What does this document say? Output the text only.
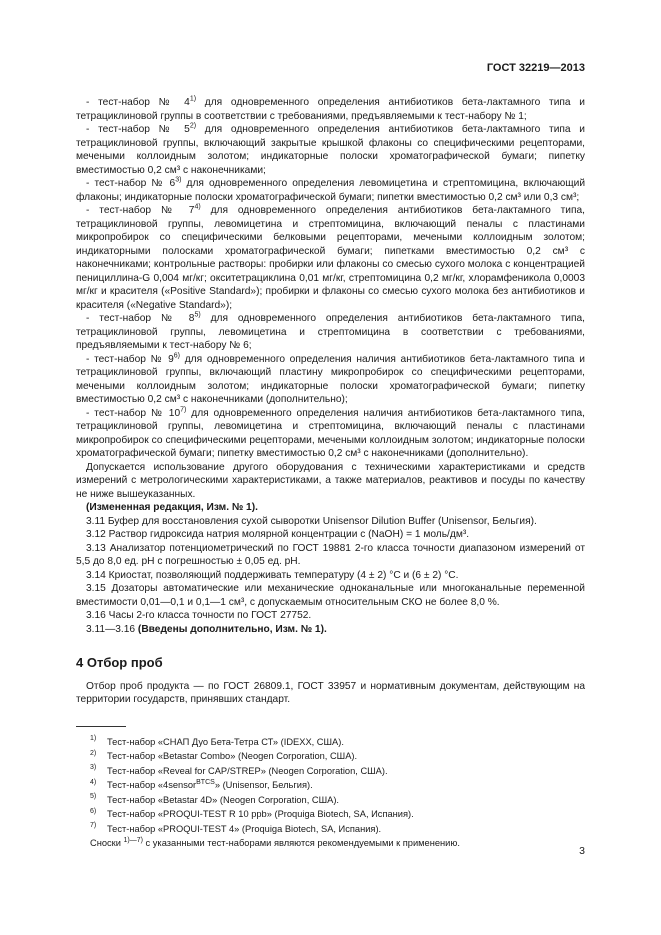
ГОСТ 32219—2013

- тест-набор № 4$^{1)}$ для одновременного определения антибиотиков бета-лактамного типа и тетрациклиновой группы в соответствии с требованиями, предъявляемыми к тест-набору № 1;

- тест-набор № 5$^{2)}$ для одновременного определения антибиотиков бета-лактамного типа и тетрациклиновой группы, включающий закрытые крышкой флаконы со специфическими рецепторами, мечеными коллоидным золотом; индикаторные полоски хроматографической бумаги; пипетку вместимостью 0,2 см³ с наконечниками;

- тест-набор № 6$^{3)}$ для одновременного определения левомицетина и стрептомицина, включающий флаконы; индикаторные полоски хроматографической бумаги; пипетки вместимостью 0,2 см³ или 0,3 см³;

- тест-набор № 7$^{4)}$ для одновременного определения антибиотиков бета-лактамного типа, тетрациклиновой группы, левомицетина и стрептомицина, включающий пеналы с пластинами микропробирок со специфическими белковыми рецепторами, мечеными коллоидным золотом; индикаторными полосками хроматографической бумаги; пипетками вместимостью 0,2 см³ с наконечниками; контрольные растворы: пробирки или флаконы со смесью сухого молока с концентрацией пенициллина-G 0,004 мг/кг; окситетрациклина 0,01 мг/кг, стрептомицина 0,2 мг/кг, хлорамфеникола 0,0003 мг/кг и красителя («Positive Standard»); пробирки и флаконы со смесью сухого молока без антибиотиков и красителя («Negative Standard»);

- тест-набор № 8$^{5)}$ для одновременного определения антибиотиков бета-лактамного типа, тетрациклиновой группы, левомицетина и стрептомицина в соответствии с требованиями, предъявляемыми к тест-набору № 6;

- тест-набор № 9$^{6)}$ для одновременного определения наличия антибиотиков бета-лактамного типа и тетрациклиновой группы, включающий пластину микропробирок со специфическими рецепторами, мечеными коллоидным золотом; индикаторные полоски хроматографической бумаги; пипетку вместимостью 0,2 см³ с наконечниками (дополнительно);

- тест-набор № 10$^{7)}$ для одновременного определения наличия антибиотиков бета-лактамного типа, тетрациклиновой группы, левомицетина и стрептомицина, включающий пеналы с пластинами микропробирок со специфическими рецепторами, мечеными коллоидным золотом; индикаторные полоски хроматографической бумаги; пипетку вместимостью 0,2 см³ с наконечниками (дополнительно).

Допускается использование другого оборудования с техническими характеристиками и средств измерений с метрологическими характеристиками, а также материалов, реактивов и посуды по качеству не ниже вышеуказанных.

(Измененная редакция, Изм. № 1).

3.11 Буфер для восстановления сухой сыворотки Unisensor Dilution Buffer (Unisensor, Бельгия).

3.12 Раствор гидроксида натрия молярной концентрации с (NaOH) = 1 моль/дм³.

3.13 Анализатор потенциометрический по ГОСТ 19881 2-го класса точности диапазоном измерений от 5,5 до 8,0 ед. pH с погрешностью ± 0,05 ед. pH.

3.14 Криостат, позволяющий поддерживать температуру (4 ± 2) °С и (6 ± 2) °С.

3.15 Дозаторы автоматические или механические одноканальные или многоканальные переменной вместимости 0,01—0,1 и 0,1—1 см³, с допускаемым относительным СКО не более 8,0 %.

3.16 Часы 2-го класса точности по ГОСТ 27752.

3.11—3.16 (Введены дополнительно, Изм. № 1).

4 Отбор проб

Отбор проб продукта — по ГОСТ 26809.1, ГОСТ 33957 и нормативным документам, действующим на территории государств, принявших стандарт.

$^{1)}$ Тест-набор «СНАП Дуо Бета-Тетра СТ» (IDEXX, США).
$^{2)}$ Тест-набор «Betastar Combo» (Neogen Corporation, США).
$^{3)}$ Тест-набор «Reveal for CAP/STREP» (Neogen Corporation, США).
$^{4)}$ Тест-набор «4sensor$^{BTCS}$» (Unisensor, Бельгия).
$^{5)}$ Тест-набор «Betastar 4D» (Neogen Corporation, США).
$^{6)}$ Тест-набор «PROQUI-TEST R 10 ppb» (Proquiga Biotech, SA, Испания).
$^{7)}$ Тест-набор «PROQUI-TEST 4» (Proquiga Biotech, SA, Испания).
Сноски $^{1)—7)}$ с указанными тест-наборами являются рекомендуемыми к применению.
3
